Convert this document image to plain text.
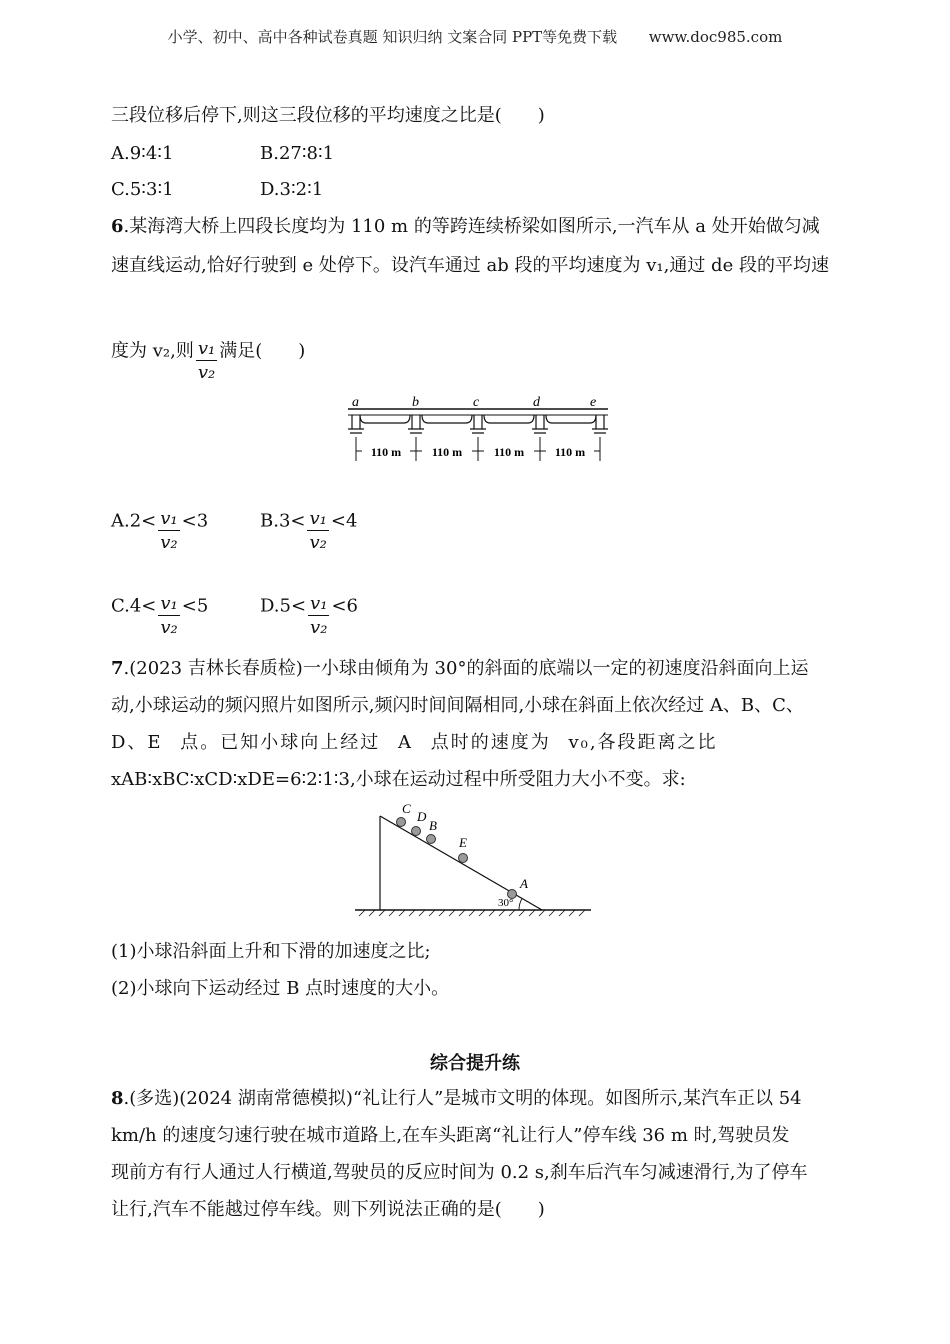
小学、初中、高中各种试卷真题 知识归纳 文案合同 PPT等免费下载 www.doc985.com
三段位移后停下,则这三段位移的平均速度之比是(　　)
A.9∶4∶1	B.27∶8∶1
C.5∶3∶1	D.3∶2∶1
6.某海湾大桥上四段长度均为 110 m 的等跨连续桥梁如图所示,一汽车从 a 处开始做匀减
速直线运动,恰好行驶到 e 处停下。设汽车通过 ab 段的平均速度为 v₁,通过 de 段的平均速
度为 v₂,则 $\frac{\text{v₁}}{\text{v₂}}$ 满足(　　)
a	b	c	d	e
110 m	110 m	110 m	110 m
$A.2< \frac{\text{v₁}}{\text{v₂}} <3$	$B.3< \frac{\text{v₁}}{\text{v₂}} <4$
$C.4< \frac{\text{v₁}}{\text{v₂}} <5$	$D.5< \frac{\text{v₁}}{\text{v₂}} <6$
7.(2023 吉林长春质检)一小球由倾角为 30°的斜面的底端以一定的初速度沿斜面向上运
动,小球运动的频闪照片如图所示,频闪时间间隔相同,小球在斜面上依次经过 A、B、C、
D、E 点。已知小球向上经过 A 点时的速度为 v₀,各段距离之比
xAB∶xBC∶xCD∶xDE=6∶2∶1∶3,小球在运动过程中所受阻力大小不变。求:
C
D
B
E
A
30°
(1)小球沿斜面上升和下滑的加速度之比;
(2)小球向下运动经过 B 点时速度的大小。
综合提升练
8.(多选)(2024 湖南常德模拟)“礼让行人”是城市文明的体现。如图所示,某汽车正以 54
km/h 的速度匀速行驶在城市道路上,在车头距离“礼让行人”停车线 36 m 时,驾驶员发
现前方有行人通过人行横道,驾驶员的反应时间为 0.2 s,刹车后汽车匀减速滑行,为了停车
让行,汽车不能越过停车线。则下列说法正确的是(　　)
